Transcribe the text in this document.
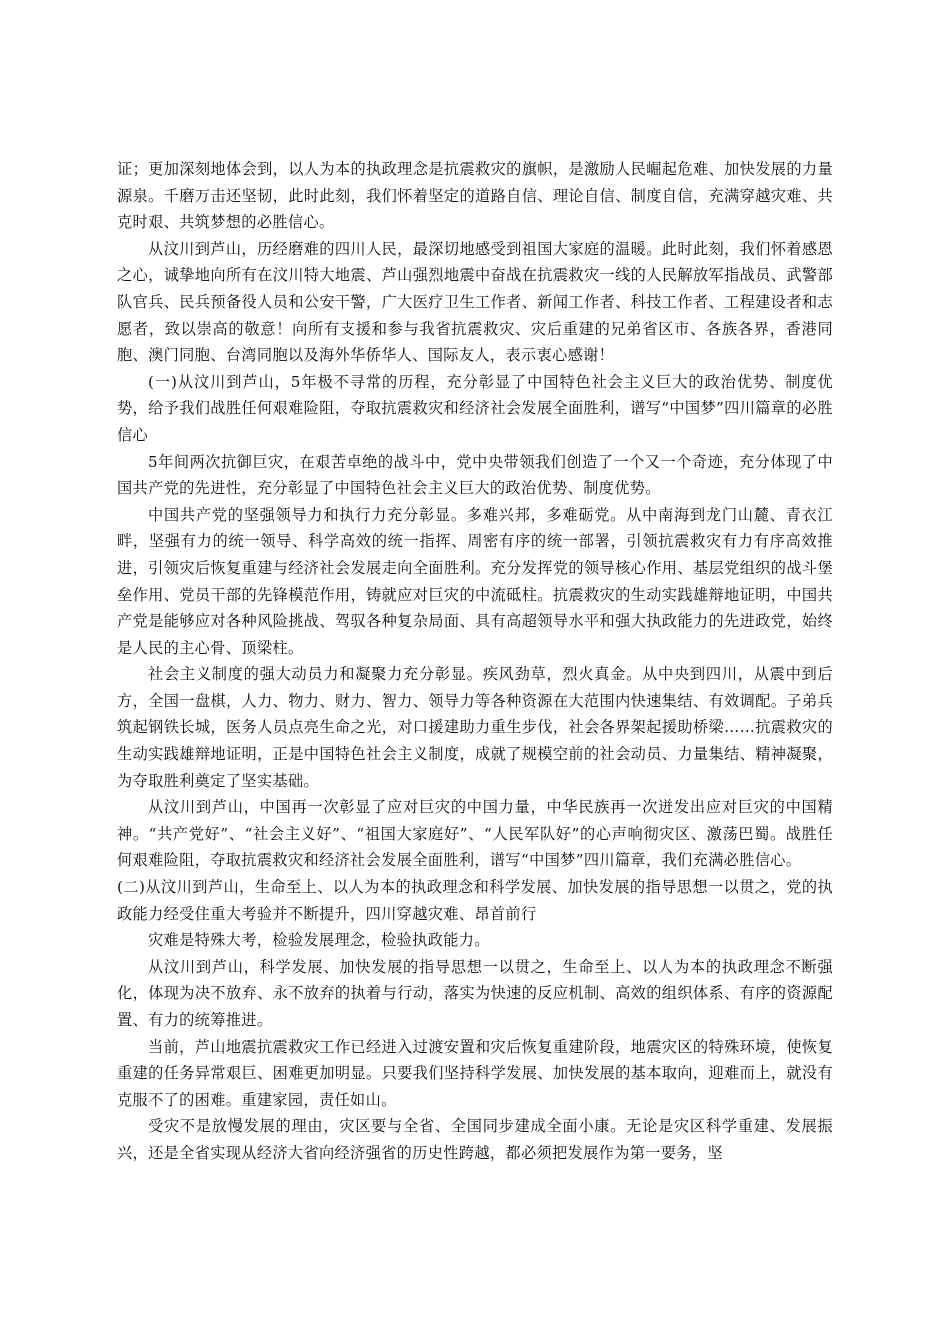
证；更加深刻地体会到，以人为本的执政理念是抗震救灾的旗帜，是激励人民崛起危难、加快发展的力量源泉。千磨万击还坚韧，此时此刻，我们怀着坚定的道路自信、理论自信、制度自信，充满穿越灾难、共克时艰、共筑梦想的必胜信心。

从汶川到芦山，历经磨难的四川人民，最深切地感受到祖国大家庭的温暖。此时此刻，我们怀着感恩之心，诚挚地向所有在汶川特大地震、芦山强烈地震中奋战在抗震救灾一线的人民解放军指战员、武警部队官兵、民兵预备役人员和公安干警，广大医疗卫生工作者、新闻工作者、科技工作者、工程建设者和志愿者，致以崇高的敬意！向所有支援和参与我省抗震救灾、灾后重建的兄弟省区市、各族各界，香港同胞、澳门同胞、台湾同胞以及海外华侨华人、国际友人，表示衷心感谢！

(一)从汶川到芦山，5年极不寻常的历程，充分彰显了中国特色社会主义巨大的政治优势、制度优势，给予我们战胜任何艰难险阻，夺取抗震救灾和经济社会发展全面胜利，谱写“中国梦”四川篇章的必胜信心

5年间两次抗御巨灾，在艰苦卓绝的战斗中，党中央带领我们创造了一个又一个奇迹，充分体现了中国共产党的先进性，充分彰显了中国特色社会主义巨大的政治优势、制度优势。

中国共产党的坚强领导力和执行力充分彰显。多难兴邦，多难砺党。从中南海到龙门山麓、青衣江畔，坚强有力的统一领导、科学高效的统一指挥、周密有序的统一部署，引领抗震救灾有力有序高效推进，引领灾后恢复重建与经济社会发展走向全面胜利。充分发挥党的领导核心作用、基层党组织的战斗堡垒作用、党员干部的先锋模范作用，铸就应对巨灾的中流砥柱。抗震救灾的生动实践雄辩地证明，中国共产党是能够应对各种风险挑战、驾驭各种复杂局面、具有高超领导水平和强大执政能力的先进政党，始终是人民的主心骨、顶梁柱。

社会主义制度的强大动员力和凝聚力充分彰显。疾风劲草，烈火真金。从中央到四川，从震中到后方，全国一盘棋，人力、物力、财力、智力、领导力等各种资源在大范围内快速集结、有效调配。子弟兵筑起钢铁长城，医务人员点亮生命之光，对口援建助力重生步伐，社会各界架起援助桥梁……抗震救灾的生动实践雄辩地证明，正是中国特色社会主义制度，成就了规模空前的社会动员、力量集结、精神凝聚，为夺取胜利奠定了坚实基础。

从汶川到芦山，中国再一次彰显了应对巨灾的中国力量，中华民族再一次迸发出应对巨灾的中国精神。“共产党好”、“社会主义好”、“祖国大家庭好”、“人民军队好”的心声响彻灾区、激荡巴蜀。战胜任何艰难险阻，夺取抗震救灾和经济社会发展全面胜利，谱写“中国梦”四川篇章，我们充满必胜信心。

(二)从汶川到芦山，生命至上、以人为本的执政理念和科学发展、加快发展的指导思想一以贯之，党的执政能力经受住重大考验并不断提升，四川穿越灾难、昂首前行

灾难是特殊大考，检验发展理念，检验执政能力。

从汶川到芦山，科学发展、加快发展的指导思想一以贯之，生命至上、以人为本的执政理念不断强化，体现为决不放弃、永不放弃的执着与行动，落实为快速的反应机制、高效的组织体系、有序的资源配置、有力的统筹推进。

当前，芦山地震抗震救灾工作已经进入过渡安置和灾后恢复重建阶段，地震灾区的特殊环境，使恢复重建的任务异常艰巨、困难更加明显。只要我们坚持科学发展、加快发展的基本取向，迎难而上，就没有克服不了的困难。重建家园，责任如山。

受灾不是放慢发展的理由，灾区要与全省、全国同步建成全面小康。无论是灾区科学重建、发展振兴，还是全省实现从经济大省向经济强省的历史性跨越，都必须把发展作为第一要务，坚
